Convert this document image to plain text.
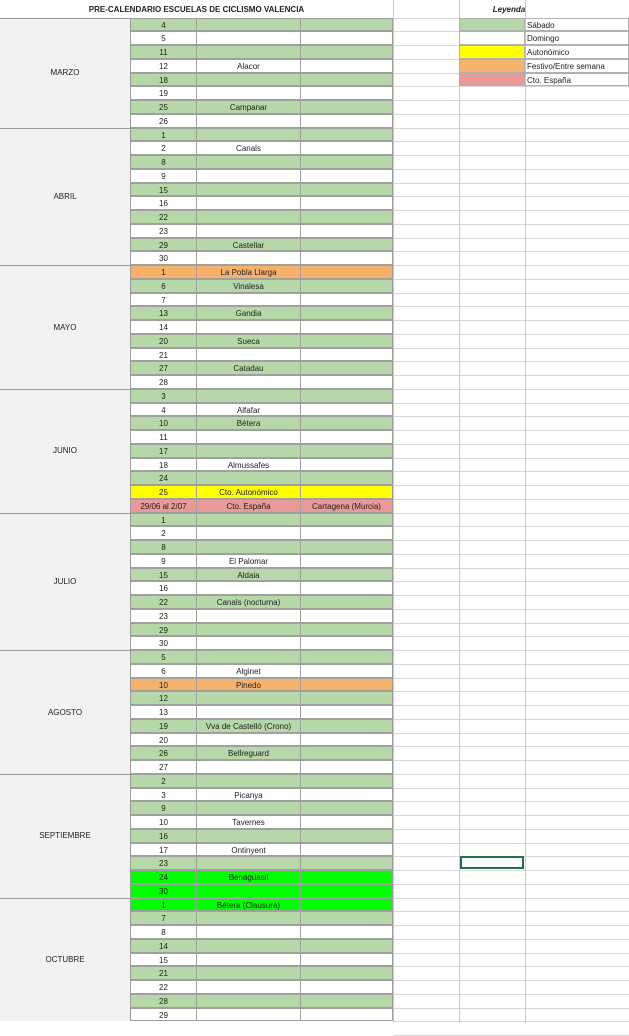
PRE-CALENDARIO ESCUELAS DE CICLISMO VALENCIA	Leyenda
MARZO
4
5
11
12	Alacor
18
19
25	Campanar
26
ABRIL
1
2	Canals
8
9
15
16
22
23
29	Castellar
30
MAYO
1	La Pobla Llarga
6	Vinalesa
7
13	Gandia
14
20	Sueca
21
27	Catadau
28
JUNIO
3
4	Alfafar
10	Bétera
11
17
18	Almussafes
24
25	Cto. Autonómico
29/06 al 2/07	Cto. España	Cartagena (Murcia)
JULIO
1
2
8
9	El Palomar
15	Aldaia
16
22	Canals (nocturna)
23
29
30
AGOSTO
5
6	Alginet
10	Pinedo
12
13
19	Vva de Castelló (Crono)
20
26	Bellreguard
27
SEPTIEMBRE
2
3	Picanya
9
10	Tavernes
16
17	Ontinyent
23
24	Benaguasil
30
OCTUBRE
1	Bétera (Clausura)
7
8
14
15
21
22
28
29
Sábado
Domingo
Autonómico
Festivo/Entre semana
Cto. España
